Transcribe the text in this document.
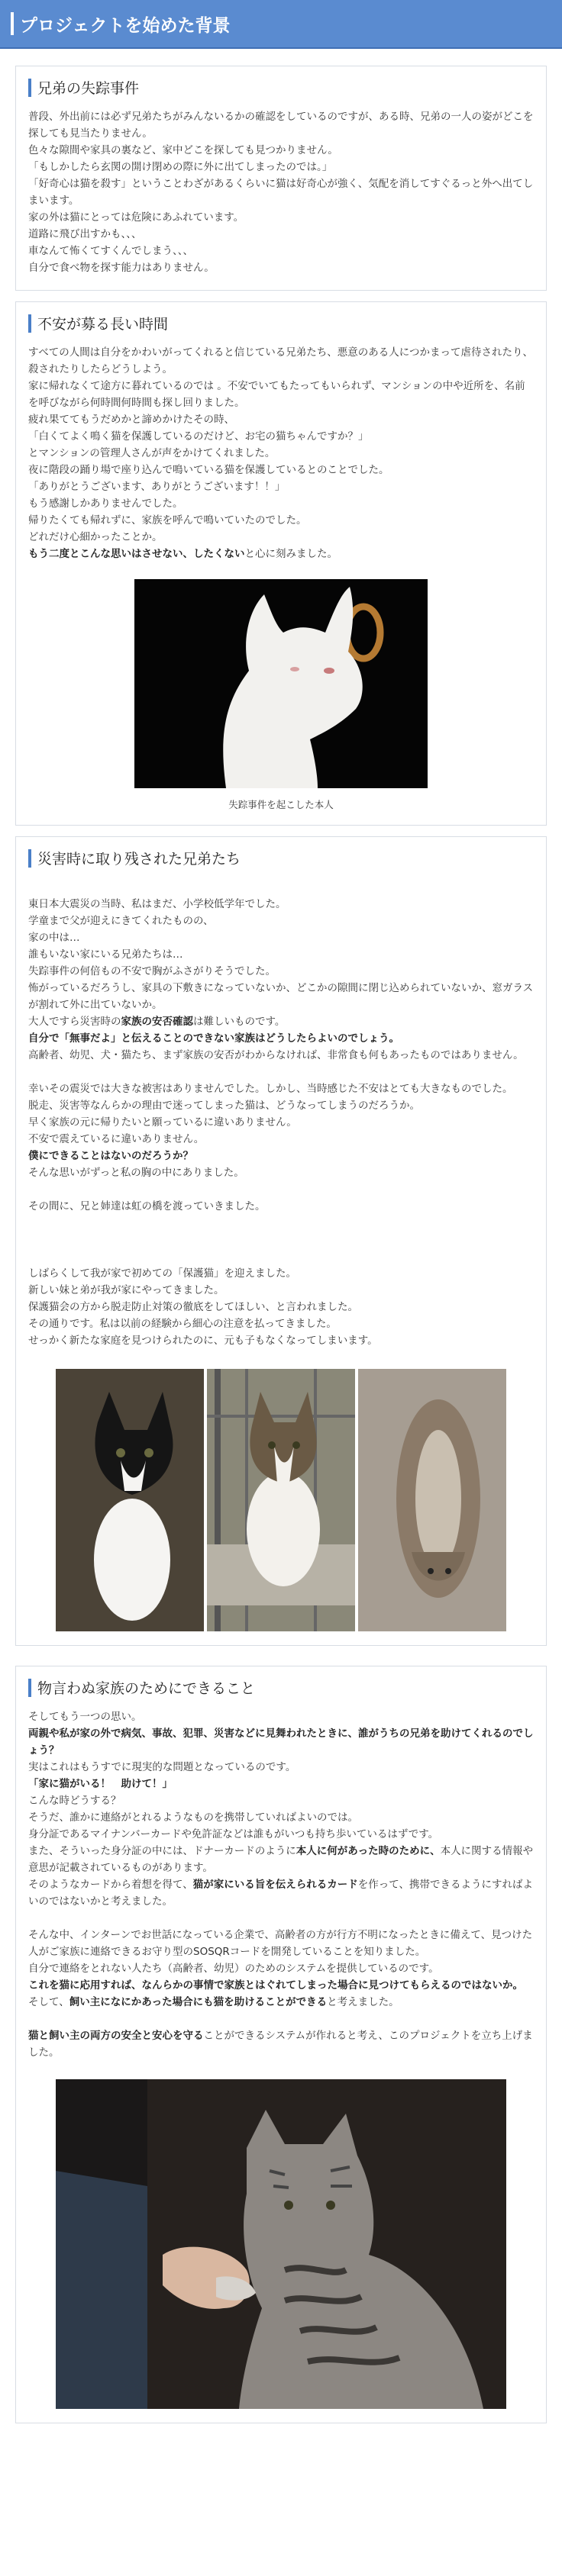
プロジェクトを始めた背景
兄弟の失踪事件

普段、外出前には必ず兄弟たちがみんないるかの確認をしているのですが、ある時、兄弟の一人の姿がどこを探しても見当たりません。

色々な隙間や家具の裏など、家中どこを探しても見つかりません。

「もしかしたら玄関の開け閉めの際に外に出てしまったのでは。」

「好奇心は猫を殺す」ということわざがあるくらいに猫は好奇心が強く、気配を消してすぐるっと外へ出てしまいます。

家の外は猫にとっては危険にあふれています。

道路に飛び出すかも、、、

車なんて怖くてすくんでしまう、、、

自分で食べ物を探す能力はありません。

不安が募る長い時間

すべての人間は自分をかわいがってくれると信じている兄弟たち、悪意のある人につかまって虐待されたり、殺されたりしたらどうしよう。

家に帰れなくて途方に暮れているのでは 。不安でいてもたってもいられず、マンションの中や近所を、名前を呼びながら何時間何時間も探し回りました。

疲れ果ててもうだめかと諦めかけたその時、

「白くてよく鳴く猫を保護しているのだけど、お宅の猫ちゃんですか？」

とマンションの管理人さんが声をかけてくれました。

夜に階段の踊り場で座り込んで鳴いている猫を保護しているとのことでした。

「ありがとうございます、ありがとうございます！！」

もう感謝しかありませんでした。

帰りたくても帰れずに、家族を呼んで鳴いていたのでした。

どれだけ心細かったことか。

もう二度とこんな思いはさせない、したくないと心に刻みました。

失踪事件を起こした本人
災害時に取り残された兄弟たち

東日本大震災の当時、私はまだ、小学校低学年でした。

学童まで父が迎えにきてくれたものの、

家の中は…

誰もいない家にいる兄弟たちは…

失踪事件の何倍もの不安で胸がふさがりそうでした。

怖がっているだろうし、家具の下敷きになっていないか、どこかの隙間に閉じ込められていないか、窓ガラスが割れて外に出ていないか。

大人ですら災害時の家族の安否確認は難しいものです。

自分で「無事だよ」と伝えることのできない家族はどうしたらよいのでしょう。

高齢者、幼児、犬・猫たち、まず家族の安否がわからなければ、非常食も何もあったものではありません。

幸いその震災では大きな被害はありませんでした。しかし、当時感じた不安はとても大きなものでした。

脱走、災害等なんらかの理由で迷ってしまった猫は、どうなってしまうのだろうか。

早く家族の元に帰りたいと願っているに違いありません。

不安で震えているに違いありません。

僕にできることはないのだろうか？

そんな思いがずっと私の胸の中にありました。

その間に、兄と姉達は虹の橋を渡っていきました。

しばらくして我が家で初めての「保護猫」を迎えました。

新しい妹と弟が我が家にやってきました。

保護猫会の方から脱走防止対策の徹底をしてほしい、と言われました。

その通りです。私は以前の経験から細心の注意を払ってきました。

せっかく新たな家庭を見つけられたのに、元も子もなくなってしまいます。

物言わぬ家族のためにできること

そしてもう一つの思い。

両親や私が家の外で病気、事故、犯罪、災害などに見舞われたときに、誰がうちの兄弟を助けてくれるのでしょう？

実はこれはもうすでに現実的な問題となっているのです。

「家に猫がいる！　助けて！」

こんな時どうする？

そうだ、誰かに連絡がとれるようなものを携帯していればよいのでは。

身分証であるマイナンバーカードや免許証などは誰もがいつも持ち歩いているはずです。

また、そういった身分証の中には、ドナーカードのように本人に何があった時のために、本人に関する情報や意思が記載されているものがあります。

そのようなカードから着想を得て、猫が家にいる旨を伝えられるカードを作って、携帯できるようにすればよいのではないかと考えました。

そんな中、インターンでお世話になっている企業で、高齢者の方が行方不明になったときに備えて、見つけた人がご家族に連絡できるお守り型のSOSQRコードを開発していることを知りました。

自分で連絡をとれない人たち（高齢者、幼児）のためのシステムを提供しているのです。

これを猫に応用すれば、なんらかの事情で家族とはぐれてしまった場合に見つけてもらえるのではないか。

そして、飼い主になにかあった場合にも猫を助けることができると考えました。

猫と飼い主の両方の安全と安心を守ることができるシステムが作れると考え、このプロジェクトを立ち上げました。
